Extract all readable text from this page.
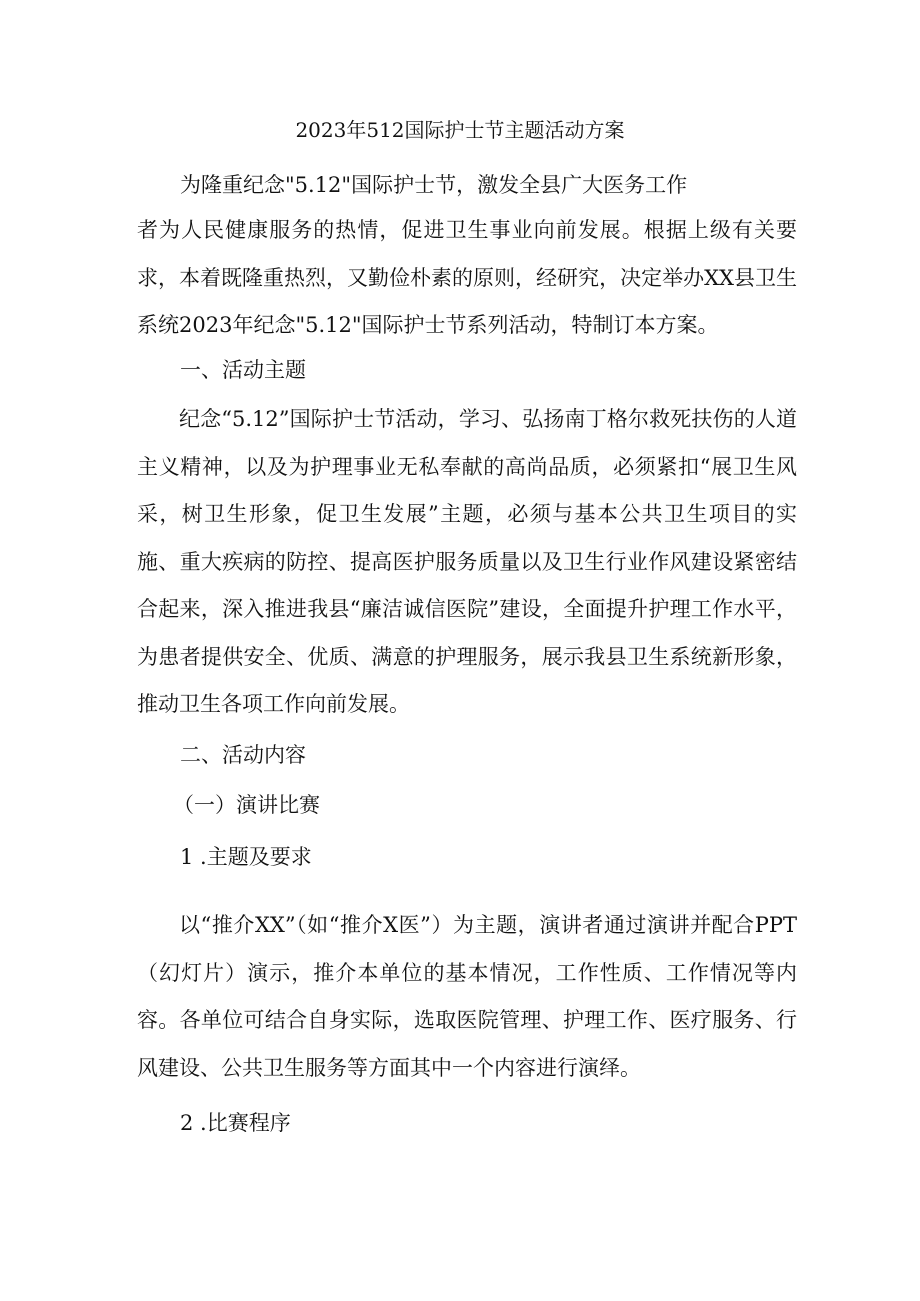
2023年512国际护士节主题活动方案
为隆重纪念"5.12"国际护士节，激发全县广大医务工作

者为人民健康服务的热情，促进卫生事业向前发展。根据上级有关要求，本着既隆重热烈，又勤俭朴素的原则，经研究，决定举办XX县卫生系统2023年纪念"5.12"国际护士节系列活动，特制订本方案。

一、活动主题

纪念“5.12”国际护士节活动，学习、弘扬南丁格尔救死扶伤的人道主义精神，以及为护理事业无私奉献的高尚品质，必须紧扣“展卫生风采，树卫生形象，促卫生发展”主题，必须与基本公共卫生项目的实施、重大疾病的防控、提高医护服务质量以及卫生行业作风建设紧密结合起来，深入推进我县“廉洁诚信医院”建设，全面提升护理工作水平，为患者提供安全、优质、满意的护理服务，展示我县卫生系统新形象，推动卫生各项工作向前发展。

二、活动内容
（一）演讲比赛
1 .主题及要求

以“推介XX”（如“推介X医”）为主题，演讲者通过演讲并配合PPT（幻灯片）演示，推介本单位的基本情况，工作性质、工作情况等内容。各单位可结合自身实际，选取医院管理、护理工作、医疗服务、行风建设、公共卫生服务等方面其中一个内容进行演绎。

2 .比赛程序
